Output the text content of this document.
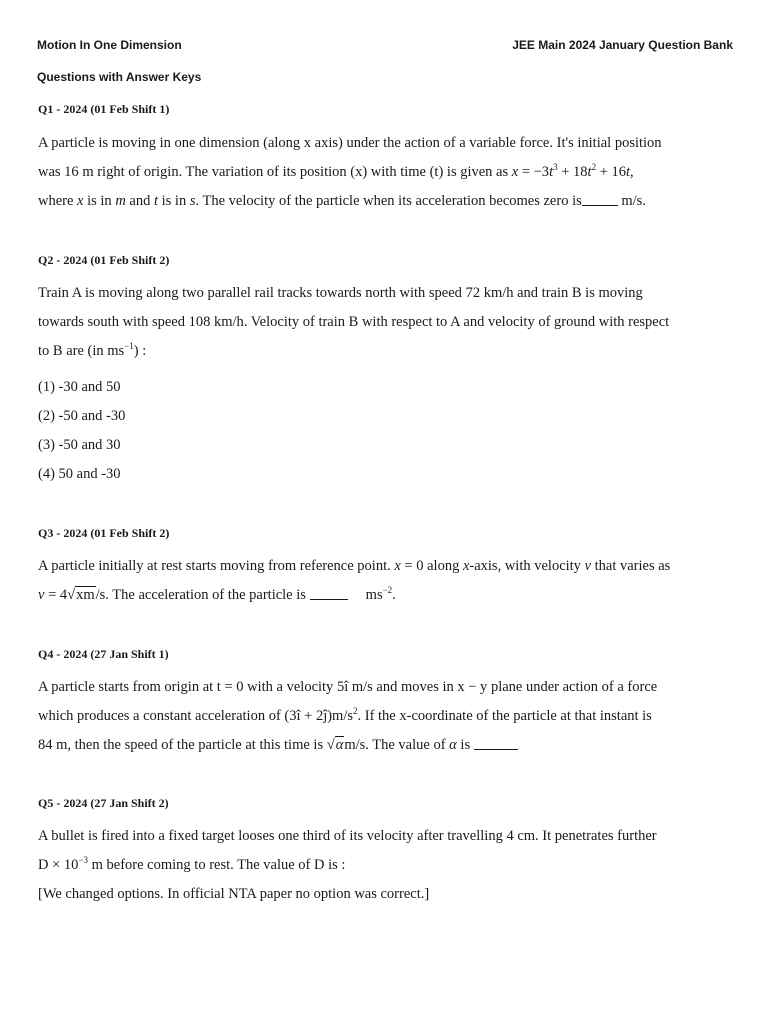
Motion In One Dimension	JEE Main 2024 January Question Bank
Questions with Answer Keys
Q1 - 2024 (01 Feb Shift 1)
A particle is moving in one dimension (along x axis) under the action of a variable force. It's initial position
was 16 m right of origin. The variation of its position (x) with time (t) is given as $x = -3t^3 + 18t^2 + 16t$,
where x is in m and t is in s. The velocity of the particle when its acceleration becomes zero is	m/s.
Q2 - 2024 (01 Feb Shift 2)
Train A is moving along two parallel rail tracks towards north with speed 72 km/h and train B is moving
towards south with speed 108 km/h. Velocity of train B with respect to A and velocity of ground with respect
to B are (in $ms^{-1}$) :
(1) -30 and 50
(2) -50 and -30
(3) -50 and 30
(4) 50 and -30
Q3 - 2024 (01 Feb Shift 2)
A particle initially at rest starts moving from reference point. x = 0 along x-axis, with velocity v that varies as
v = 4√xm/s. The acceleration of the particle is	$ms^{-2}$.
Q4 - 2024 (27 Jan Shift 1)
A particle starts from origin at t = 0 with a velocity 5î m/s and moves in x − y plane under action of a force
which produces a constant acceleration of (3î + $2ĵ)m/s^2$. If the x-coordinate of the particle at that instant is
84 m, then the speed of the particle at this time is √αm/s. The value of α is
Q5 - 2024 (27 Jan Shift 2)
A bullet is fired into a fixed target looses one third of its velocity after travelling 4 cm. It penetrates further
$D \times 10^{-3}$ m before coming to rest. The value of D is :
[We changed options. In official NTA paper no option was correct.]
